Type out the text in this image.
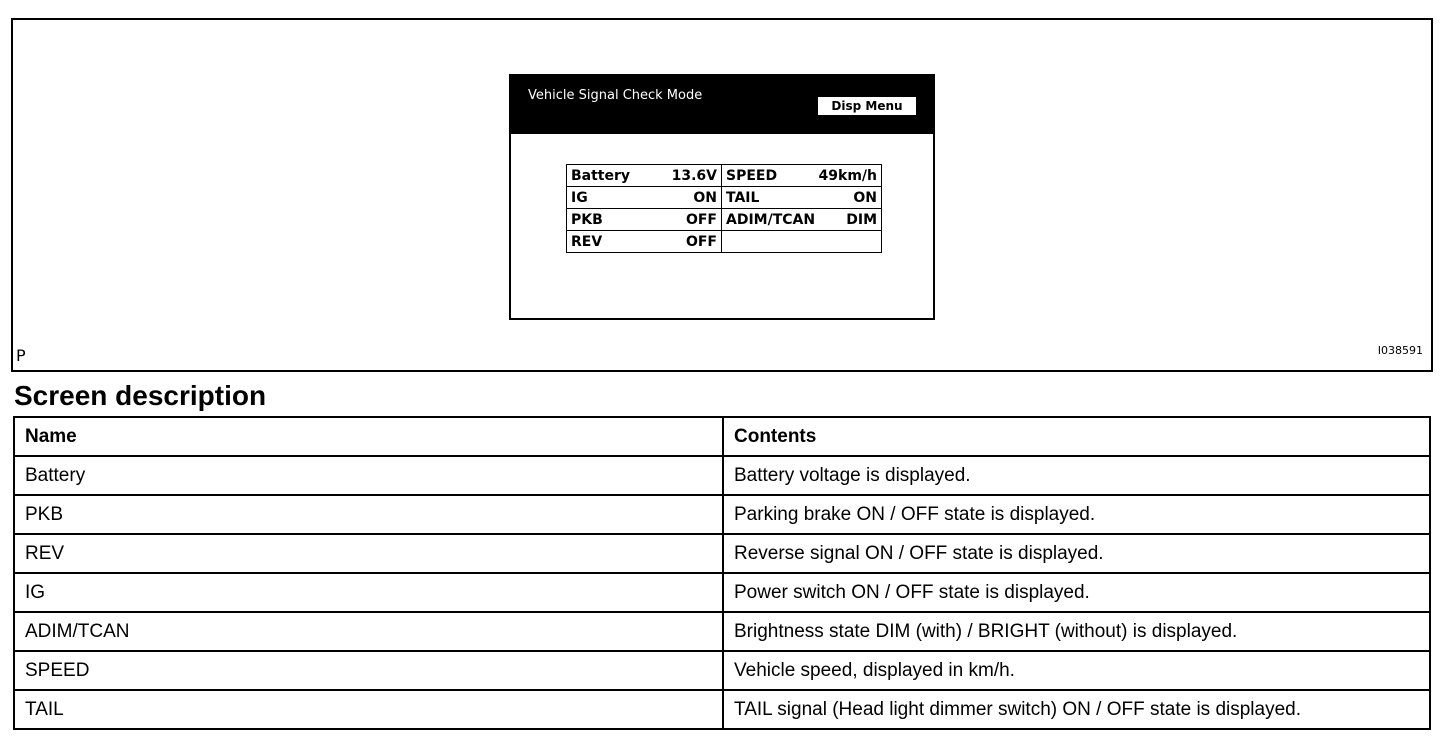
Vehicle Signal Check Mode
Disp Menu
Battery 13.6V	SPEED 49km/h

IG ON	TAIL ON

PKB OFF	ADIM/TCAN DIM

REV OFF	

P	I038591
Screen description
Name	Contents
Battery	Battery voltage is displayed.
PKB	Parking brake ON / OFF state is displayed.
REV	Reverse signal ON / OFF state is displayed.
IG	Power switch ON / OFF state is displayed.
ADIM/TCAN	Brightness state DIM (with) / BRIGHT (without) is displayed.
SPEED	Vehicle speed, displayed in km/h.
TAIL	TAIL signal (Head light dimmer switch) ON / OFF state is displayed.
